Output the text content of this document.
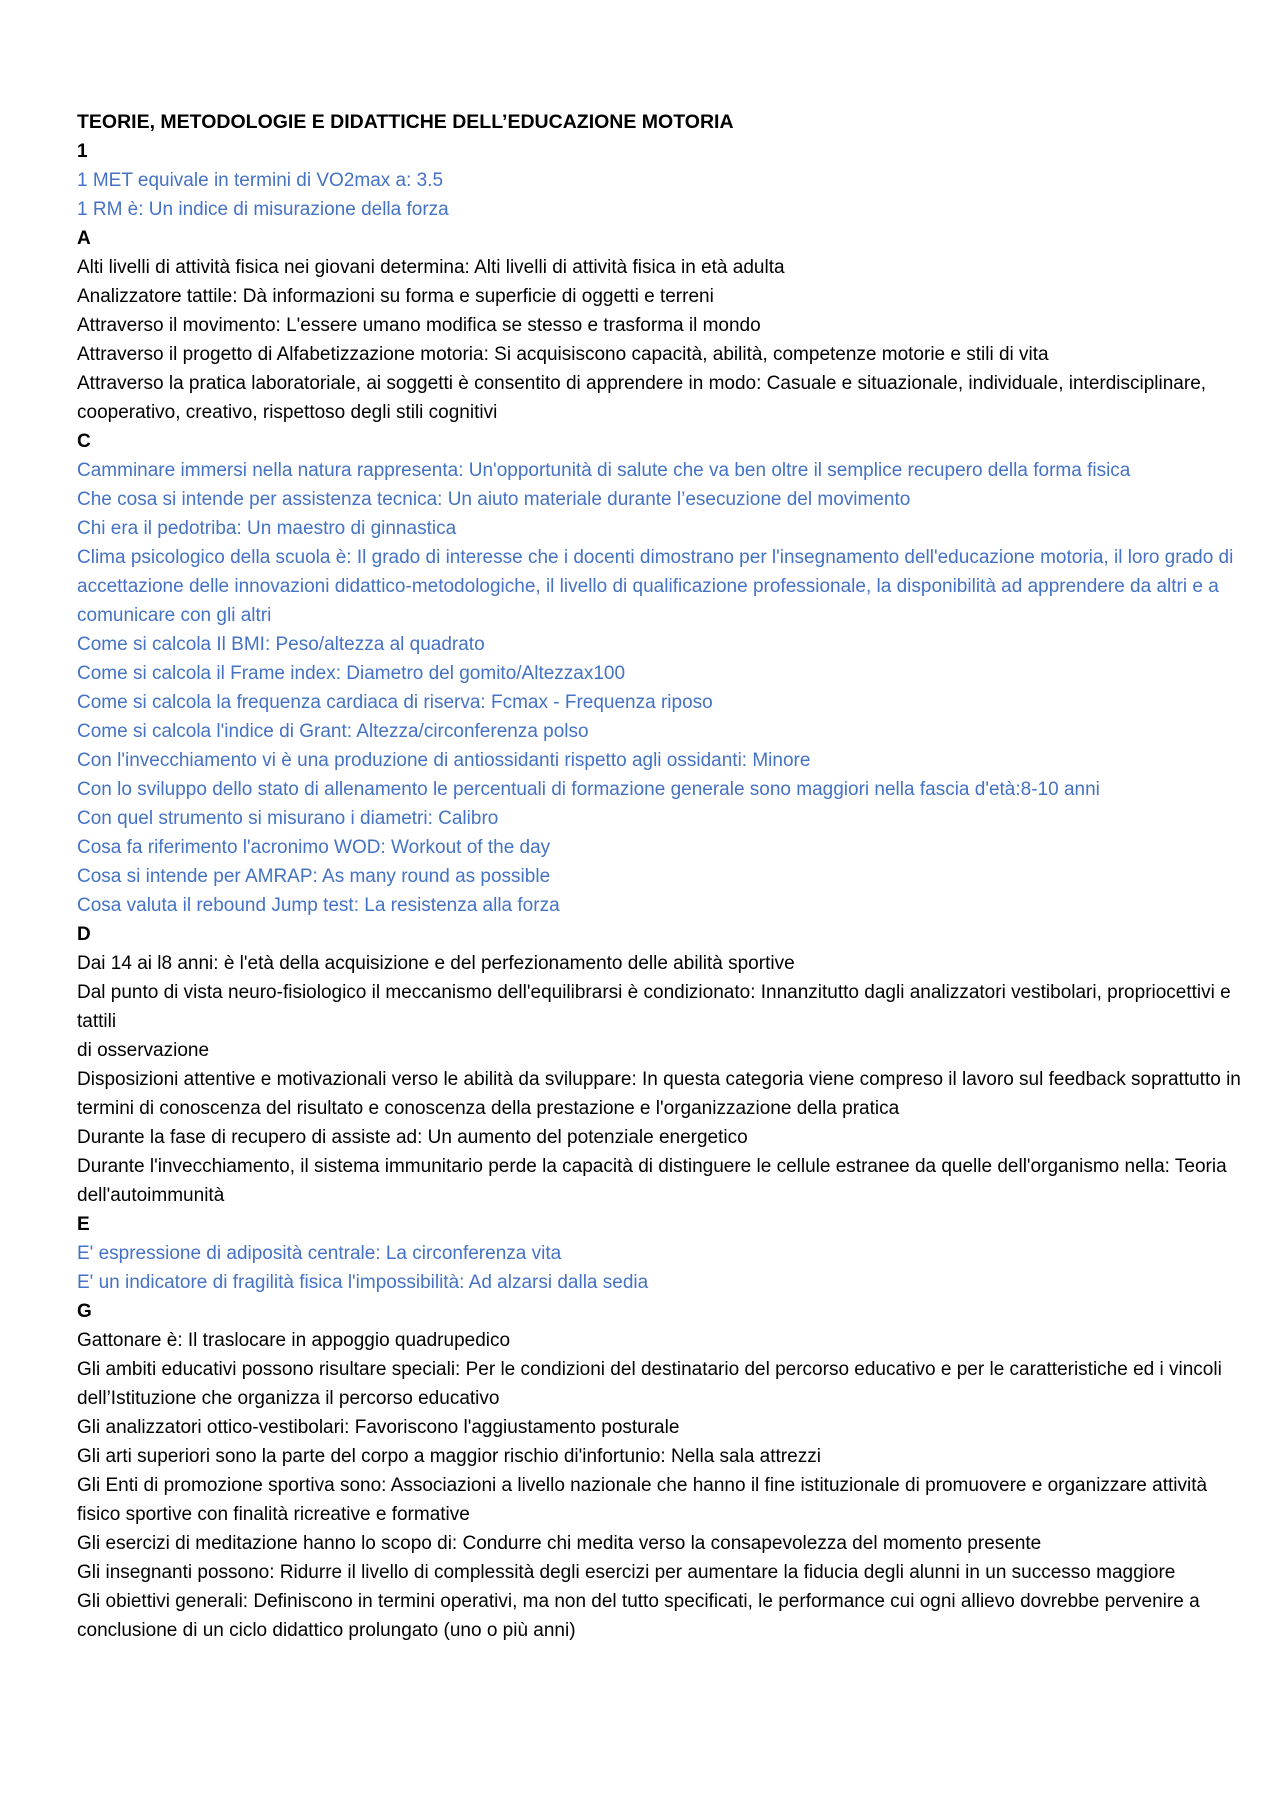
TEORIE, METODOLOGIE E DIDATTICHE DELL’EDUCAZIONE MOTORIA

1

1 MET equivale in termini di VO2max a: 3.5

1 RM è: Un indice di misurazione della forza

A

Alti livelli di attività fisica nei giovani determina: Alti livelli di attività fisica in età adulta

Analizzatore tattile: Dà informazioni su forma e superficie di oggetti e terreni

Attraverso il movimento: L'essere umano modifica se stesso e trasforma il mondo

Attraverso il progetto di Alfabetizzazione motoria: Si acquisiscono capacità, abilità, competenze motorie e stili di vita

Attraverso la pratica laboratoriale, ai soggetti è consentito di apprendere in modo: Casuale e situazionale, individuale, interdisciplinare, cooperativo, creativo, rispettoso degli stili cognitivi

C

Camminare immersi nella natura rappresenta: Un'opportunità di salute che va ben oltre il semplice recupero della forma fisica

Che cosa si intende per assistenza tecnica: Un aiuto materiale durante l’esecuzione del movimento

Chi era il pedotriba: Un maestro di ginnastica

Clima psicologico della scuola è: Il grado di interesse che i docenti dimostrano per l'insegnamento dell'educazione motoria, il loro grado di accettazione delle innovazioni didattico-metodologiche, il livello di qualificazione professionale, la disponibilità ad apprendere da altri e a comunicare con gli altri

Come si calcola Il BMI: Peso/altezza al quadrato

Come si calcola il Frame index: Diametro del gomito/Altezzax100

Come si calcola la frequenza cardiaca di riserva: Fcmax - Frequenza riposo

Come si calcola l'indice di Grant: Altezza/circonferenza polso

Con l'invecchiamento vi è una produzione di antiossidanti rispetto agli ossidanti: Minore

Con lo sviluppo dello stato di allenamento le percentuali di formazione generale sono maggiori nella fascia d'età:8-10 anni

Con quel strumento si misurano i diametri: Calibro

Cosa fa riferimento l'acronimo WOD: Workout of the day

Cosa si intende per AMRAP: As many round as possible

Cosa valuta il rebound Jump test: La resistenza alla forza

D

Dai 14 ai l8 anni: è l'età della acquisizione e del perfezionamento delle abilità sportive

Dal punto di vista neuro-fisiologico il meccanismo dell'equilibrarsi è condizionato: Innanzitutto dagli analizzatori vestibolari, propriocettivi e tattili

di osservazione

Disposizioni attentive e motivazionali verso le abilità da sviluppare: In questa categoria viene compreso il lavoro sul feedback soprattutto in termini di conoscenza del risultato e conoscenza della prestazione e l'organizzazione della pratica

Durante la fase di recupero di assiste ad: Un aumento del potenziale energetico

Durante l'invecchiamento, il sistema immunitario perde la capacità di distinguere le cellule estranee da quelle dell'organismo nella: Teoria dell'autoimmunità

E

E' espressione di adiposità centrale: La circonferenza vita

E' un indicatore di fragilità fisica l'impossibilità: Ad alzarsi dalla sedia

G

Gattonare è: Il traslocare in appoggio quadrupedico

Gli ambiti educativi possono risultare speciali: Per le condizioni del destinatario del percorso educativo e per le caratteristiche ed i vincoli dell’Istituzione che organizza il percorso educativo

Gli analizzatori ottico-vestibolari: Favoriscono l'aggiustamento posturale

Gli arti superiori sono la parte del corpo a maggior rischio di'infortunio: Nella sala attrezzi

Gli Enti di promozione sportiva sono: Associazioni a livello nazionale che hanno il fine istituzionale di promuovere e organizzare attività fisico sportive con finalità ricreative e formative

Gli esercizi di meditazione hanno lo scopo di: Condurre chi medita verso la consapevolezza del momento presente

Gli insegnanti possono: Ridurre il livello di complessità degli esercizi per aumentare la fiducia degli alunni in un successo maggiore

Gli obiettivi generali: Definiscono in termini operativi, ma non del tutto specificati, le performance cui ogni allievo dovrebbe pervenire a conclusione di un ciclo didattico prolungato (uno o più anni)
